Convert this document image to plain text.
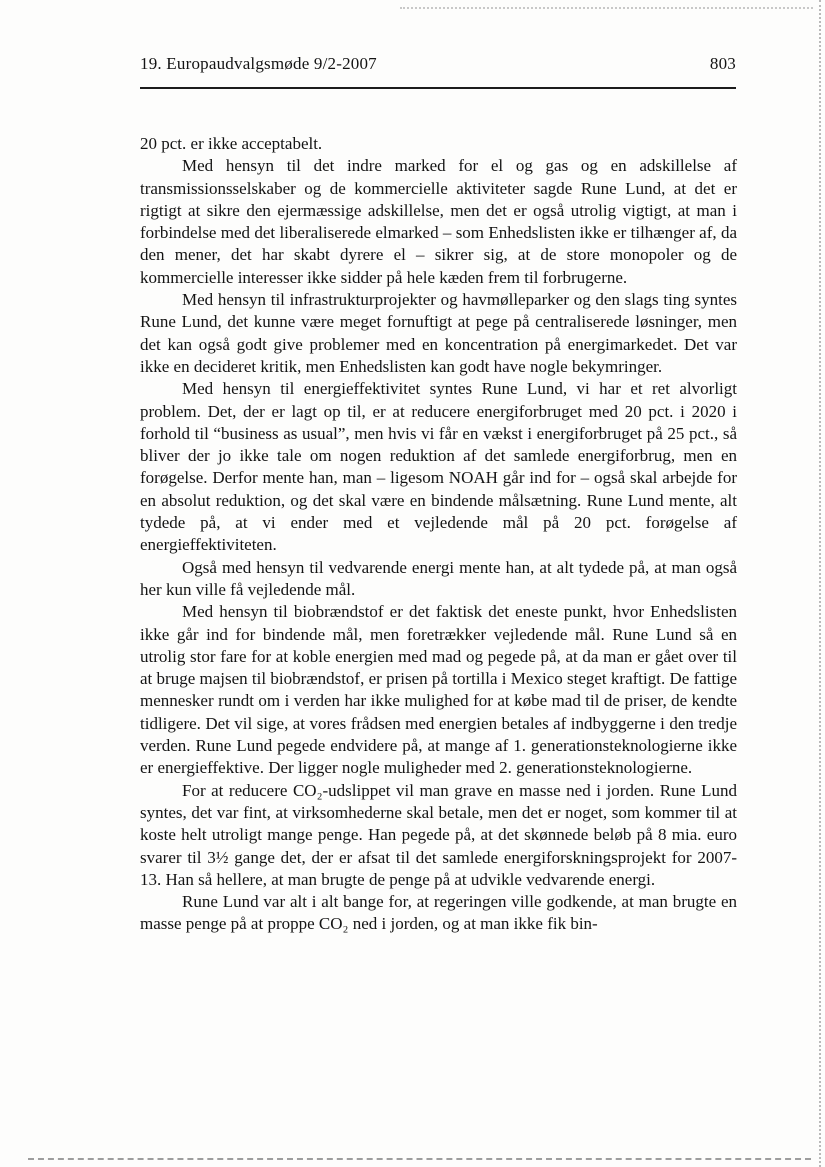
19. Europaudvalgsmøde 9/2-2007	803

20 pct. er ikke acceptabelt.

Med hensyn til det indre marked for el og gas og en adskillelse af transmissionsselskaber og de kommercielle aktiviteter sagde Rune Lund, at det er rigtigt at sikre den ejermæssige adskillelse, men det er også utrolig vigtigt, at man i forbindelse med det liberaliserede elmarked – som Enhedslisten ikke er tilhænger af, da den mener, det har skabt dyrere el – sikrer sig, at de store monopoler og de kommercielle interesser ikke sidder på hele kæden frem til forbrugerne.

Med hensyn til infrastrukturprojekter og havmølleparker og den slags ting syntes Rune Lund, det kunne være meget fornuftigt at pege på centraliserede løsninger, men det kan også godt give problemer med en koncentration på energimarkedet. Det var ikke en decideret kritik, men Enhedslisten kan godt have nogle bekymringer.

Med hensyn til energieffektivitet syntes Rune Lund, vi har et ret alvorligt problem. Det, der er lagt op til, er at reducere energiforbruget med 20 pct. i 2020 i forhold til “business as usual”, men hvis vi får en vækst i energiforbruget på 25 pct., så bliver der jo ikke tale om nogen reduktion af det samlede energiforbrug, men en forøgelse. Derfor mente han, man – ligesom NOAH går ind for – også skal arbejde for en absolut reduktion, og det skal være en bindende målsætning. Rune Lund mente, alt tydede på, at vi ender med et vejledende mål på 20 pct. forøgelse af energieffektiviteten.

Også med hensyn til vedvarende energi mente han, at alt tydede på, at man også her kun ville få vejledende mål.

Med hensyn til biobrændstof er det faktisk det eneste punkt, hvor Enhedslisten ikke går ind for bindende mål, men foretrækker vejledende mål. Rune Lund så en utrolig stor fare for at koble energien med mad og pegede på, at da man er gået over til at bruge majsen til biobrændstof, er prisen på tortilla i Mexico steget kraftigt. De fattige mennesker rundt om i verden har ikke mulighed for at købe mad til de priser, de kendte tidligere. Det vil sige, at vores frådsen med energien betales af indbyggerne i den tredje verden. Rune Lund pegede endvidere på, at mange af 1. generationsteknologierne ikke er energieffektive. Der ligger nogle muligheder med 2. generationsteknologierne.

For at reducere CO₂-udslippet vil man grave en masse ned i jorden. Rune Lund syntes, det var fint, at virksomhederne skal betale, men det er noget, som kommer til at koste helt utroligt mange penge. Han pegede på, at det skønnede beløb på 8 mia. euro svarer til 3½ gange det, der er afsat til det samlede energiforskningsprojekt for 2007-13. Han så hellere, at man brugte de penge på at udvikle vedvarende energi.

Rune Lund var alt i alt bange for, at regeringen ville godkende, at man brugte en masse penge på at proppe CO₂ ned i jorden, og at man ikke fik bin-
